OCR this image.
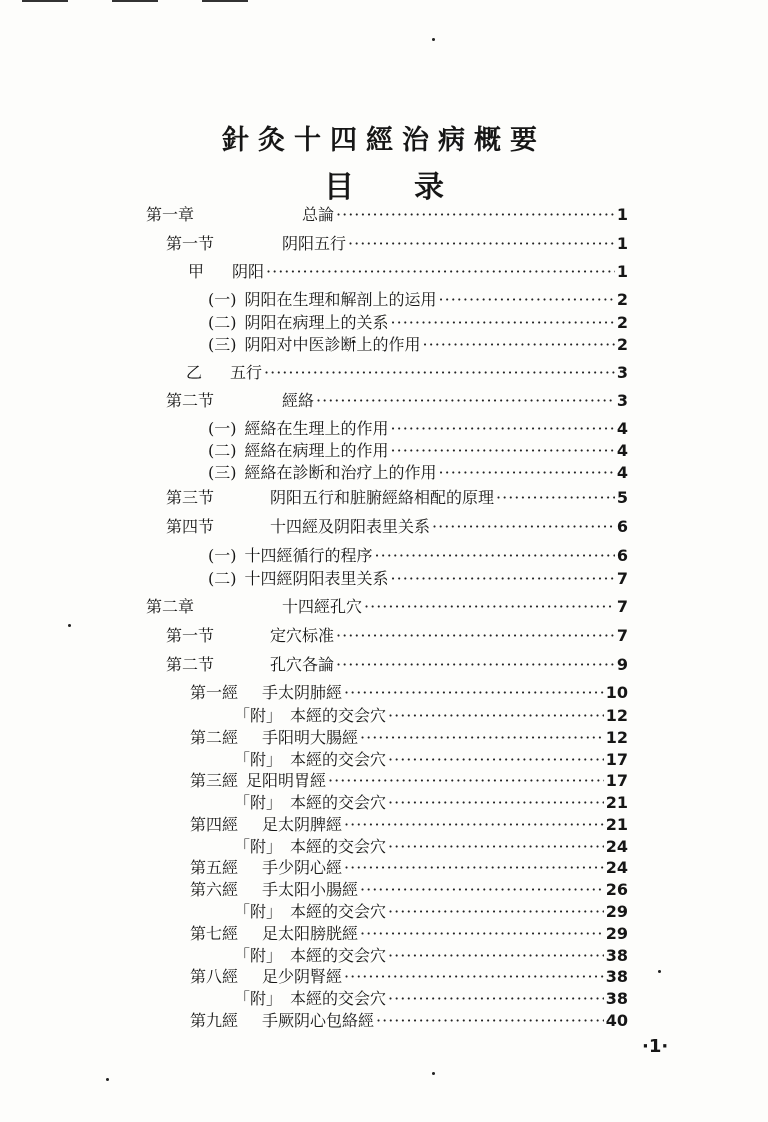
針灸十四經治病概要
目录
第一章	总論 ·····	1
第一节	阴阳五行 ·····	1
甲 阴阳 ·····	1
(一) 阴阳在生理和解剖上的运用 ·····	2
(二) 阴阳在病理上的关系 ·····	2
(三) 阴阳对中医診断上的作用 ·····	2
乙 五行 ·····	3
第二节	經絡 ·····	3
(一) 經絡在生理上的作用 ·····	4
(二) 經絡在病理上的作用 ·····	4
(三) 經絡在診断和治疗上的作用 ·····	4
第三节	阴阳五行和脏腑經絡相配的原理 ·····	5
第四节	十四經及阴阳表里关系 ·····	6
(一) 十四經循行的程序 ·····	6
(二) 十四經阴阳表里关系 ·····	7
第二章	十四經孔穴 ·····	7
第一节	定穴标准 ·····	7
第二节	孔穴各論 ·····	9
第一經 手太阴肺經 ·····	10
「附」 本經的交会穴 ·····	12
第二經 手阳明大腸經 ·····	12
「附」 本經的交会穴 ·····	17
第三經 足阳明胃經 ·····	17
「附」 本經的交会穴 ·····	21
第四經 足太阴脾經 ·····	21
「附」 本經的交会穴 ·····	24
第五經 手少阴心經 ·····	24
第六經 手太阳小腸經 ·····	26
「附」 本經的交会穴 ·····	29
第七經 足太阳膀胱經 ·····	29
「附」 本經的交会穴 ·····	38
第八經 足少阴腎經 ·····	38
「附」 本經的交会穴 ·····	38
第九經 手厥阴心包絡經 ·····	40
·1·
